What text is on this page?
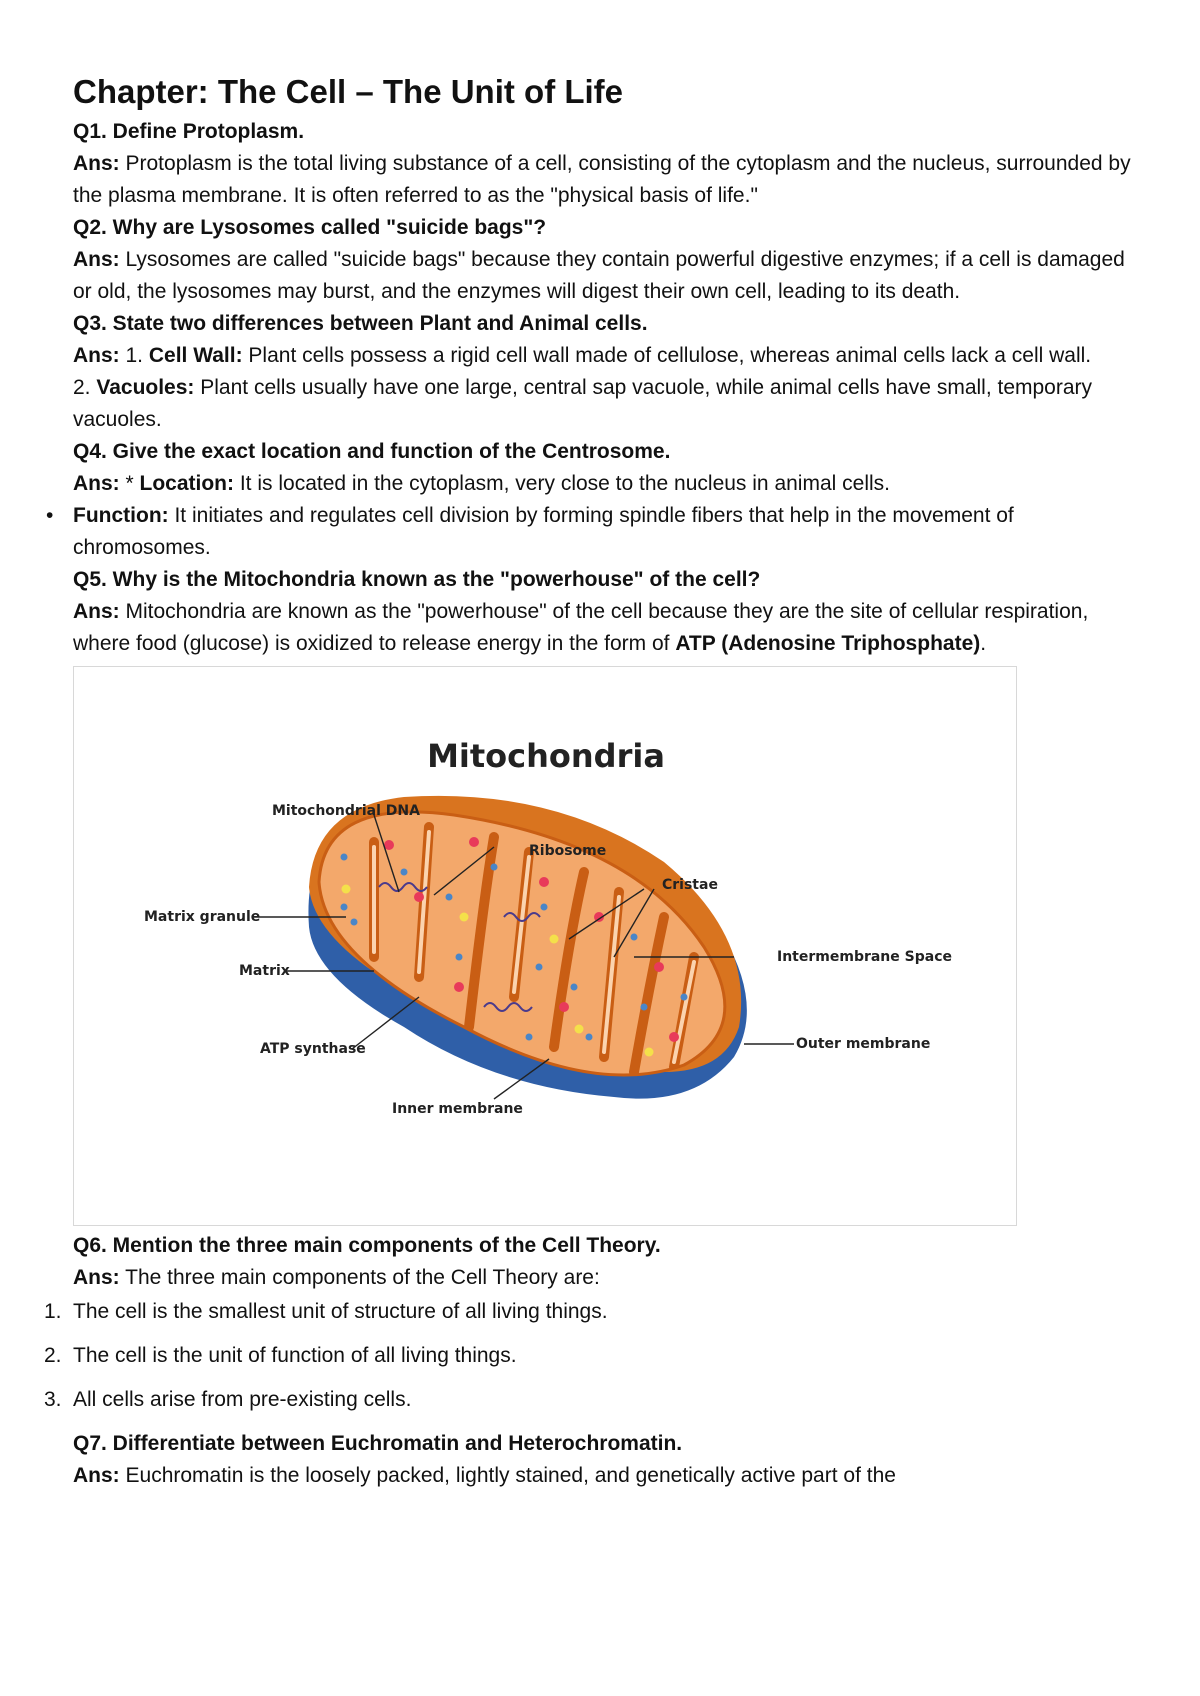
Chapter: The Cell – The Unit of Life

Q1. Define Protoplasm.

Ans: Protoplasm is the total living substance of a cell, consisting of the cytoplasm and the nucleus, surrounded by the plasma membrane. It is often referred to as the "physical basis of life."

Q2. Why are Lysosomes called "suicide bags"?

Ans: Lysosomes are called "suicide bags" because they contain powerful digestive enzymes; if a cell is damaged or old, the lysosomes may burst, and the enzymes will digest their own cell, leading to its death.

Q3. State two differences between Plant and Animal cells.

Ans: 1. Cell Wall: Plant cells possess a rigid cell wall made of cellulose, whereas animal cells lack a cell wall.

2. Vacuoles: Plant cells usually have one large, central sap vacuole, while animal cells have small, temporary vacuoles.

Q4. Give the exact location and function of the Centrosome.

Ans: * Location: It is located in the cytoplasm, very close to the nucleus in animal cells.

• Function: It initiates and regulates cell division by forming spindle fibers that help in the movement of chromosomes.

Q5. Why is the Mitochondria known as the "powerhouse" of the cell?

Ans: Mitochondria are known as the "powerhouse" of the cell because they are the site of cellular respiration, where food (glucose) is oxidized to release energy in the form of ATP (Adenosine Triphosphate).

Mitochondria
Mitochondrial DNA
Ribosome
Cristae
Matrix granule
Intermembrane Space
Matrix
ATP synthase	Outer membrane
Inner membrane

Q6. Mention the three main components of the Cell Theory.

Ans: The three main components of the Cell Theory are:

1. The cell is the smallest unit of structure of all living things.
2. The cell is the unit of function of all living things.
3. All cells arise from pre-existing cells.

Q7. Differentiate between Euchromatin and Heterochromatin.

Ans: Euchromatin is the loosely packed, lightly stained, and genetically active part of the
